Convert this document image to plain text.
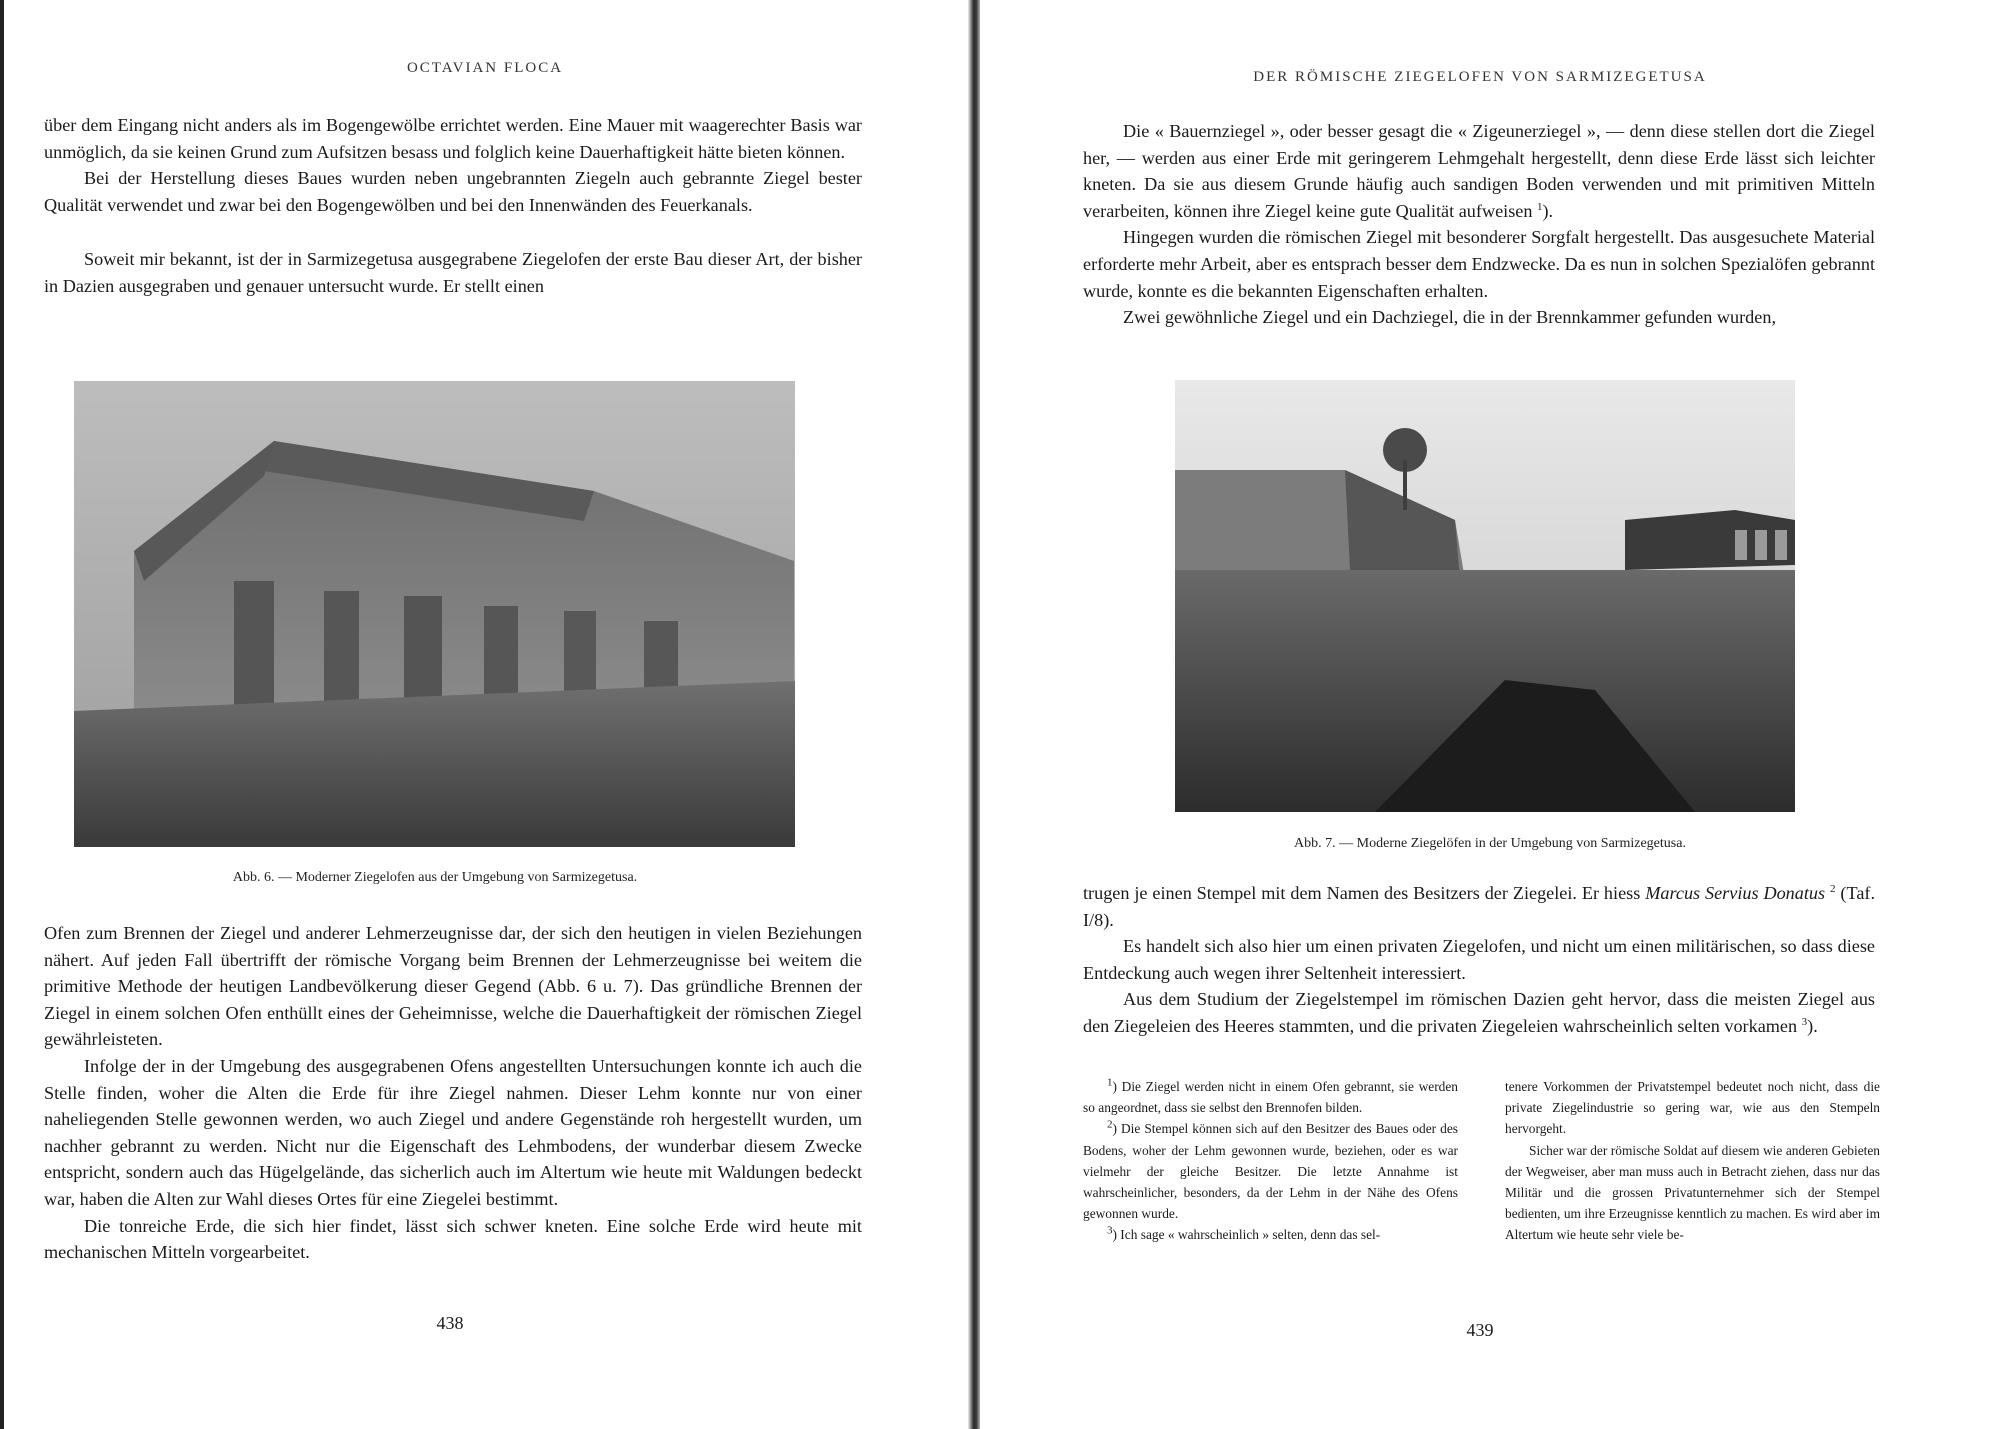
OCTAVIAN FLOCA

über dem Eingang nicht anders als im Bogengewölbe errichtet werden. Eine Mauer mit waagerechter Basis war unmöglich, da sie keinen Grund zum Aufsitzen besass und folglich keine Dauerhaftigkeit hätte bieten können.

Bei der Herstellung dieses Baues wurden neben ungebrannten Ziegeln auch gebrannte Ziegel bester Qualität verwendet und zwar bei den Bogengewölben und bei den Innenwänden des Feuerkanals.

Soweit mir bekannt, ist der in Sarmizegetusa ausgegrabene Ziegelofen der erste Bau dieser Art, der bisher in Dazien ausgegraben und genauer untersucht wurde. Er stellt einen

Abb. 6. — Moderner Ziegelofen aus der Umgebung von Sarmizegetusa.

Ofen zum Brennen der Ziegel und anderer Lehmerzeugnisse dar, der sich den heutigen in vielen Beziehungen nähert. Auf jeden Fall übertrifft der römische Vorgang beim Brennen der Lehmerzeugnisse bei weitem die primitive Methode der heutigen Landbevölkerung dieser Gegend (Abb. 6 u. 7). Das gründliche Brennen der Ziegel in einem solchen Ofen enthüllt eines der Geheimnisse, welche die Dauerhaftigkeit der römischen Ziegel gewährleisteten.

Infolge der in der Umgebung des ausgegrabenen Ofens angestellten Untersuchungen konnte ich auch die Stelle finden, woher die Alten die Erde für ihre Ziegel nahmen. Dieser Lehm konnte nur von einer naheliegenden Stelle gewonnen werden, wo auch Ziegel und andere Gegenstände roh hergestellt wurden, um nachher gebrannt zu werden. Nicht nur die Eigenschaft des Lehmbodens, der wunderbar diesem Zwecke entspricht, sondern auch das Hügelgelände, das sicherlich auch im Altertum wie heute mit Waldungen bedeckt war, haben die Alten zur Wahl dieses Ortes für eine Ziegelei bestimmt.

Die tonreiche Erde, die sich hier findet, lässt sich schwer kneten. Eine solche Erde wird heute mit mechanischen Mitteln vorgearbeitet.

438
DER RÖMISCHE ZIEGELOFEN VON SARMIZEGETUSA

Die « Bauernziegel », oder besser gesagt die « Zigeunerziegel », — denn diese stellen dort die Ziegel her, — werden aus einer Erde mit geringerem Lehmgehalt hergestellt, denn diese Erde lässt sich leichter kneten. Da sie aus diesem Grunde häufig auch sandigen Boden verwenden und mit primitiven Mitteln verarbeiten, können ihre Ziegel keine gute Qualität aufweisen $^1$).

Hingegen wurden die römischen Ziegel mit besonderer Sorgfalt hergestellt. Das ausgesuchete Material erforderte mehr Arbeit, aber es entsprach besser dem Endzwecke. Da es nun in solchen Spezialöfen gebrannt wurde, konnte es die bekannten Eigenschaften erhalten.

Zwei gewöhnliche Ziegel und ein Dachziegel, die in der Brennkammer gefunden wurden,

Abb. 7. — Moderne Ziegelöfen in der Umgebung von Sarmizegetusa.

trugen je einen Stempel mit dem Namen des Besitzers der Ziegelei. Er hiess Marcus Servius Donatus $^2$ (Taf. I/8).

Es handelt sich also hier um einen privaten Ziegelofen, und nicht um einen militärischen, so dass diese Entdeckung auch wegen ihrer Seltenheit interessiert.

Aus dem Studium der Ziegelstempel im römischen Dazien geht hervor, dass die meisten Ziegel aus den Ziegeleien des Heeres stammten, und die privaten Ziegeleien wahrscheinlich selten vorkamen $^3$).

$^1$) Die Ziegel werden nicht in einem Ofen gebrannt, sie werden so angeordnet, dass sie selbst den Brennofen bilden.

$^2$) Die Stempel können sich auf den Besitzer des Baues oder des Bodens, woher der Lehm gewonnen wurde, beziehen, oder es war vielmehr der gleiche Besitzer. Die letzte Annahme ist wahrscheinlicher, besonders, da der Lehm in der Nähe des Ofens gewonnen wurde.

$^3$) Ich sage « wahrscheinlich » selten, denn das sel-

tenere Vorkommen der Privatstempel bedeutet noch nicht, dass die private Ziegelindustrie so gering war, wie aus den Stempeln hervorgeht.

Sicher war der römische Soldat auf diesem wie anderen Gebieten der Wegweiser, aber man muss auch in Betracht ziehen, dass nur das Militär und die grossen Privatunternehmer sich der Stempel bedienten, um ihre Erzeugnisse kenntlich zu machen. Es wird aber im Altertum wie heute sehr viele be-

439
